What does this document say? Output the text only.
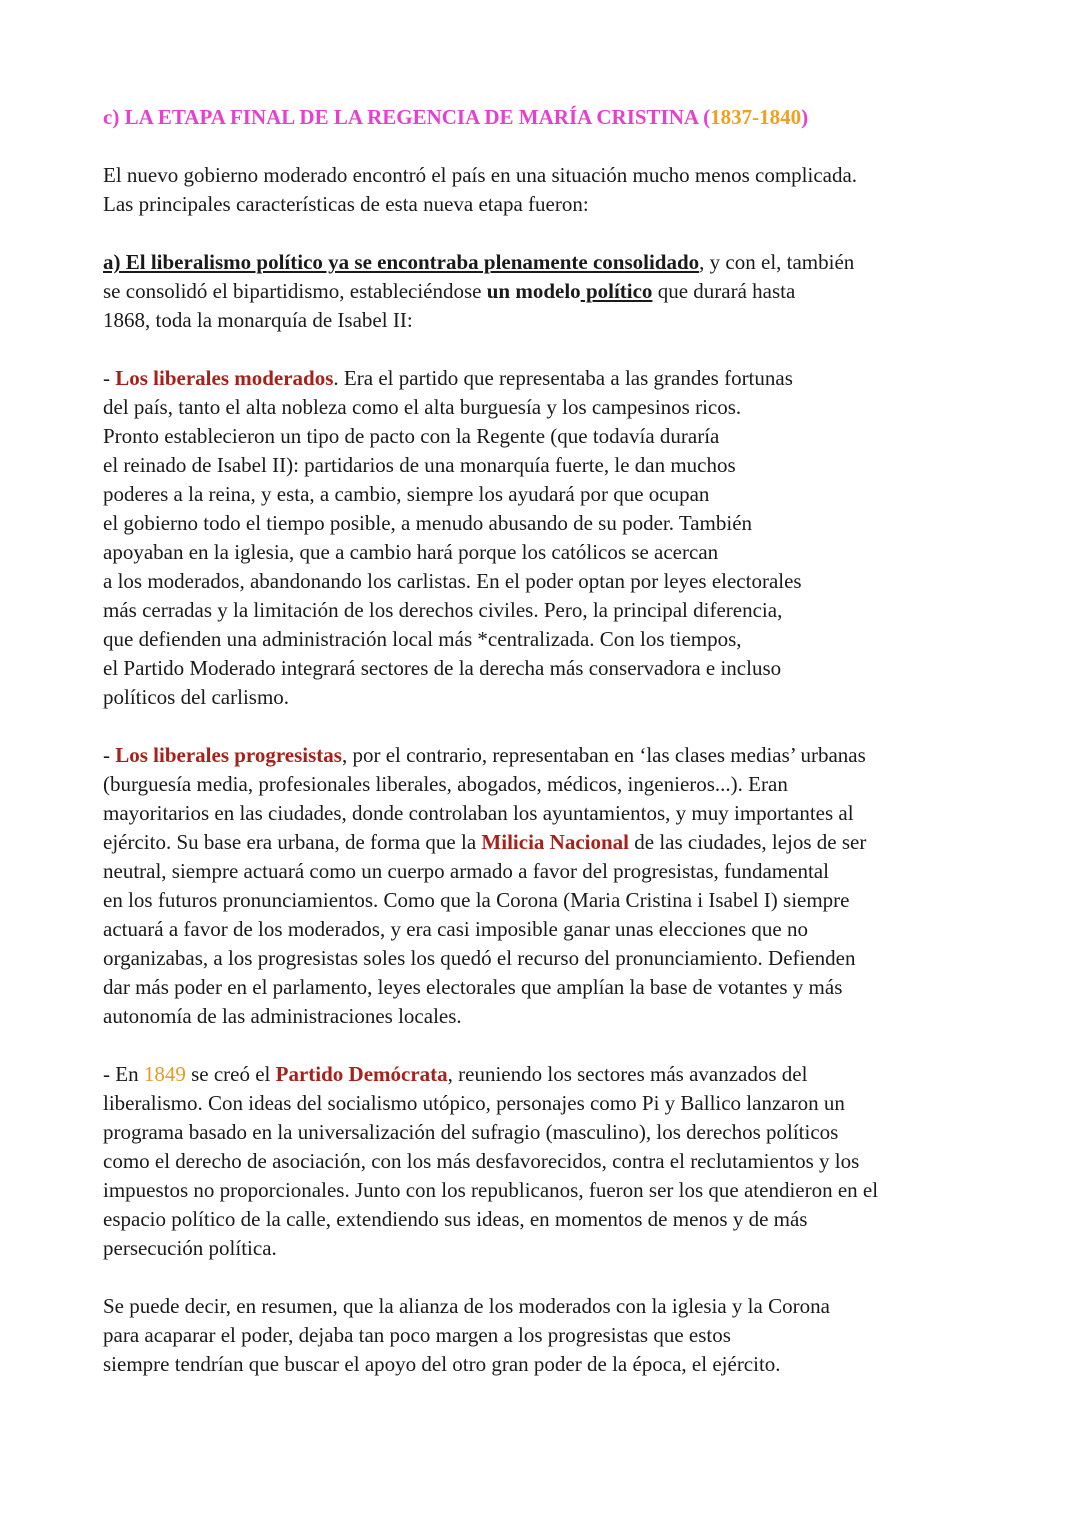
c) LA ETAPA FINAL DE LA REGENCIA DE MARÍA CRISTINA (1837-1840)
El nuevo gobierno moderado encontró el país en una situación mucho menos complicada.
Las principales características de esta nueva etapa fueron:
a) El liberalismo político ya se encontraba plenamente consolidado, y con el, también
se consolidó el bipartidismo, estableciéndose un modelo político que durará hasta
1868, toda la monarquía de Isabel II:
- Los liberales moderados. Era el partido que representaba a las grandes fortunas
del país, tanto el alta nobleza como el alta burguesía y los campesinos ricos.
Pronto establecieron un tipo de pacto con la Regente (que todavía duraría
el reinado de Isabel II): partidarios de una monarquía fuerte, le dan muchos
poderes a la reina, y esta, a cambio, siempre los ayudará por que ocupan
el gobierno todo el tiempo posible, a menudo abusando de su poder. También
apoyaban en la iglesia, que a cambio hará porque los católicos se acercan
a los moderados, abandonando los carlistas. En el poder optan por leyes electorales
más cerradas y la limitación de los derechos civiles. Pero, la principal diferencia,
que defienden una administración local más *centralizada. Con los tiempos,
el Partido Moderado integrará sectores de la derecha más conservadora e incluso
políticos del carlismo.
- Los liberales progresistas, por el contrario, representaban en ‘las clases medias’ urbanas
(burguesía media, profesionales liberales, abogados, médicos, ingenieros...). Eran
mayoritarios en las ciudades, donde controlaban los ayuntamientos, y muy importantes al
ejército. Su base era urbana, de forma que la Milicia Nacional de las ciudades, lejos de ser
neutral, siempre actuará como un cuerpo armado a favor del progresistas, fundamental
en los futuros pronunciamientos. Como que la Corona (Maria Cristina i Isabel I) siempre
actuará a favor de los moderados, y era casi imposible ganar unas elecciones que no
organizabas, a los progresistas soles los quedó el recurso del pronunciamiento. Defienden
dar más poder en el parlamento, leyes electorales que amplían la base de votantes y más
autonomía de las administraciones locales.
- En 1849 se creó el Partido Demócrata, reuniendo los sectores más avanzados del
liberalismo. Con ideas del socialismo utópico, personajes como Pi y Ballico lanzaron un
programa basado en la universalización del sufragio (masculino), los derechos políticos
como el derecho de asociación, con los más desfavorecidos, contra el reclutamientos y los
impuestos no proporcionales. Junto con los republicanos, fueron ser los que atendieron en el
espacio político de la calle, extendiendo sus ideas, en momentos de menos y de más
persecución política.
Se puede decir, en resumen, que la alianza de los moderados con la iglesia y la Corona
para acaparar el poder, dejaba tan poco margen a los progresistas que estos
siempre tendrían que buscar el apoyo del otro gran poder de la época, el ejército.
